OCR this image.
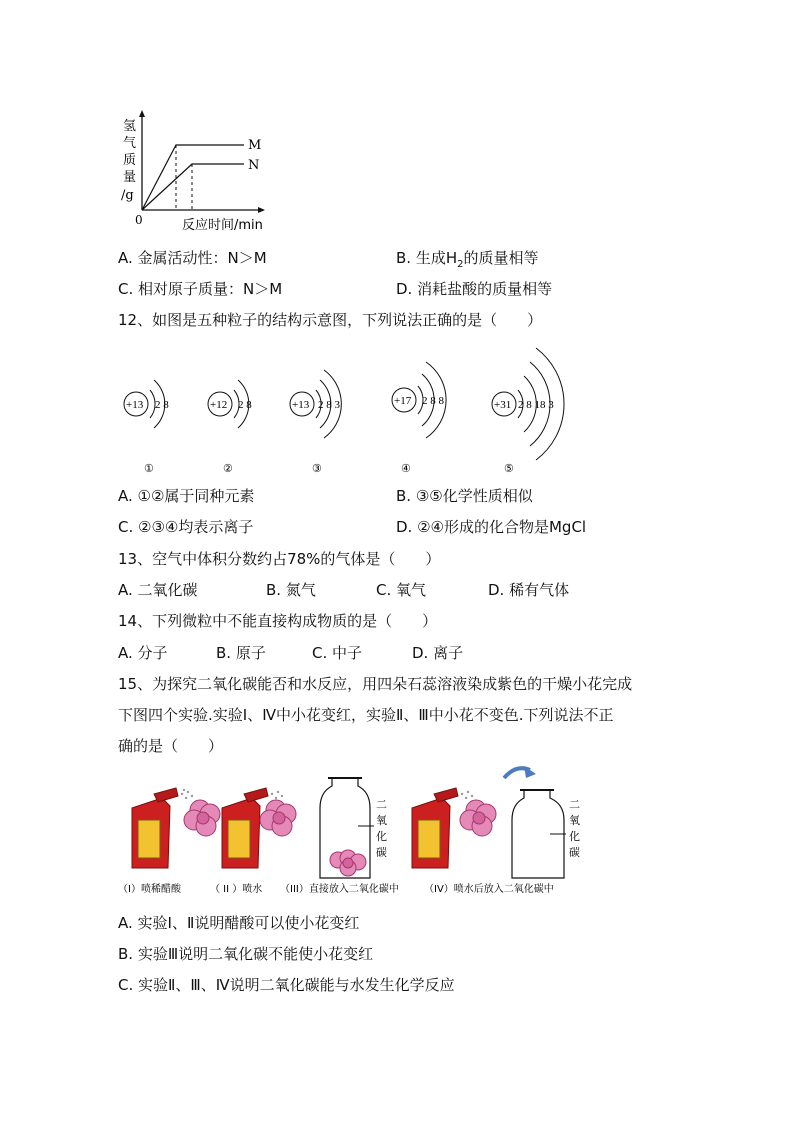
氢
气
质
量
/g
0	反应时间/min
M
N
A. 金属活动性：N＞M	B. 生成$H_2$的质量相等
C. 相对原子质量：N＞M	D. 消耗盐酸的质量相等
12、如图是五种粒子的结构示意图，下列说法正确的是（　　）
+13 2 8
①
+12 2 8
②
+13 2 8 3
③
+17 2 8 8
④
+31 2 8 18 3
⑤
A. ①②属于同种元素	B. ③⑤化学性质相似
C. ②③④均表示离子	D. ②④形成的化合物是MgCl
13、空气中体积分数约占78%的气体是（　　）
A. 二氧化碳	B. 氮气	C. 氧气	D. 稀有气体
14、下列微粒中不能直接构成物质的是（　　）
A. 分子	B. 原子	C. 中子	D. 离子
15、为探究二氧化碳能否和水反应，用四朵石蕊溶液染成紫色的干燥小花完成
下图四个实验.实验Ⅰ、Ⅳ中小花变红，实验Ⅱ、Ⅲ中小花不变色.下列说法不正
确的是（　　）
（I）喷稀醋酸	（ II ）喷水
二
氧
化
碳
（III）直接放入二氧化碳中
二
氧
化
碳
（IV）喷水后放入二氧化碳中
A. 实验Ⅰ、Ⅱ说明醋酸可以使小花变红
B. 实验Ⅲ说明二氧化碳不能使小花变红
C. 实验Ⅱ、Ⅲ、Ⅳ说明二氧化碳能与水发生化学反应
